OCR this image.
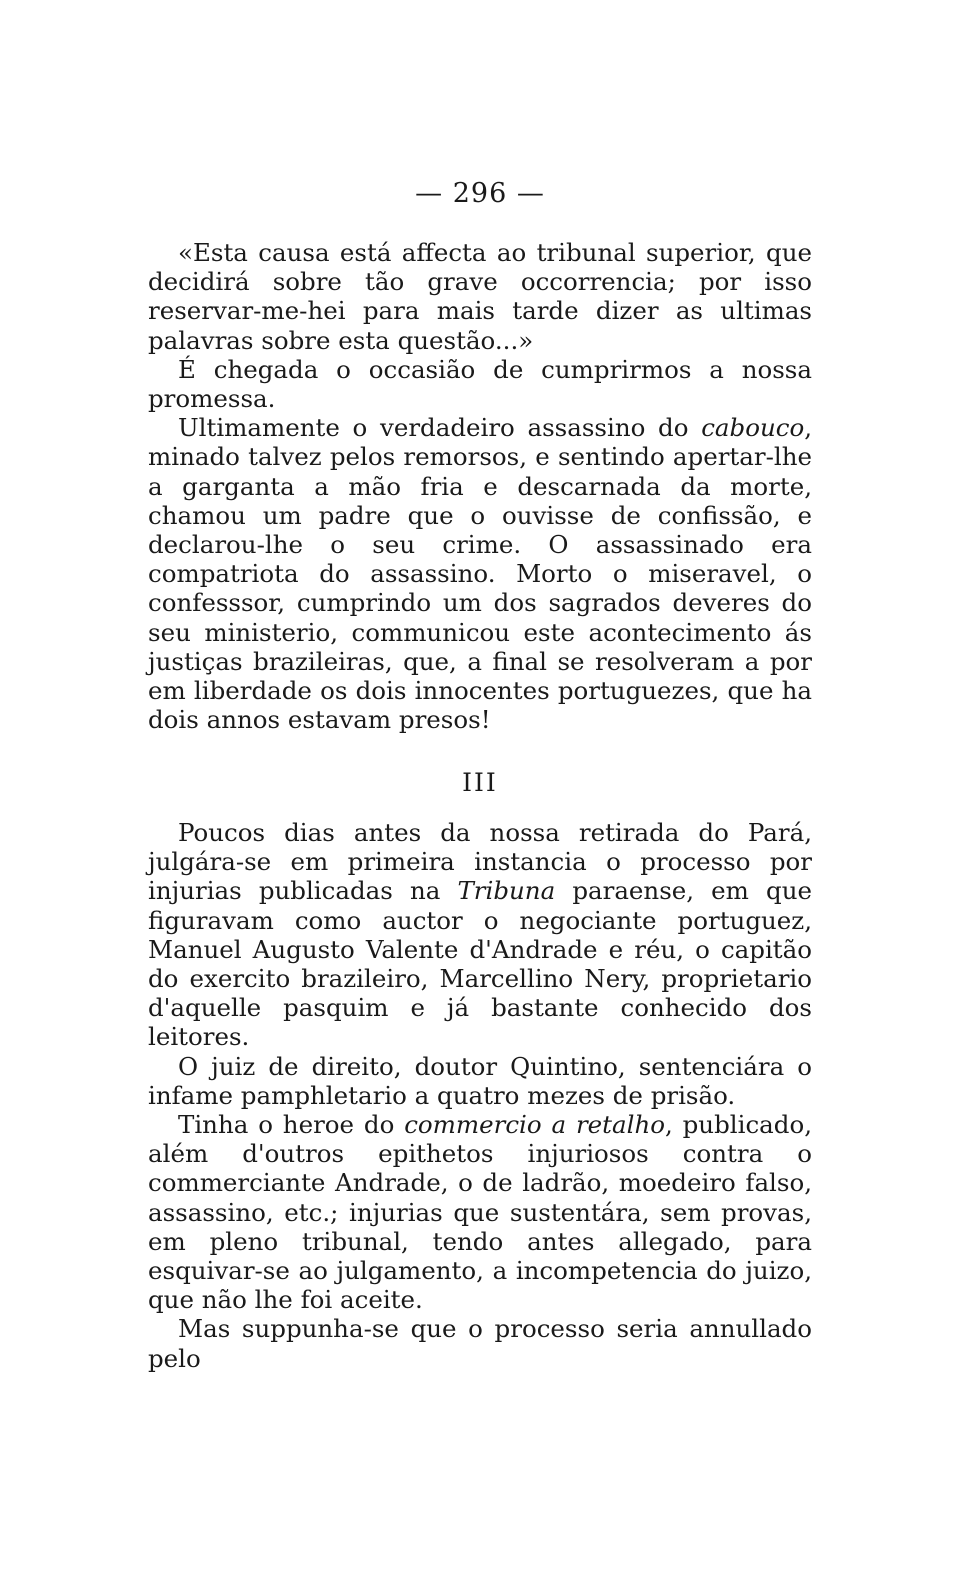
— 296 —

«Esta causa está affecta ao tribunal superior, que decidirá sobre tão grave occorrencia; por isso reservar-me-hei para mais tarde dizer as ultimas palavras sobre esta questão...»

É chegada o occasião de cumprirmos a nossa promessa.

Ultimamente o verdadeiro assassino do cabouco, minado talvez pelos remorsos, e sentindo apertar-lhe a garganta a mão fria e descarnada da morte, chamou um padre que o ouvisse de confissão, e declarou-lhe o seu crime. O assassinado era compatriota do assassino. Morto o miseravel, o confesssor, cumprindo um dos sagrados deveres do seu ministerio, communicou este acontecimento ás justiças brazileiras, que, a final se resolveram a por em liberdade os dois innocentes portuguezes, que ha dois annos estavam presos!

III

Poucos dias antes da nossa retirada do Pará, julgára-se em primeira instancia o processo por injurias publicadas na Tribuna paraense, em que figuravam como auctor o negociante portuguez, Manuel Augusto Valente d'Andrade e réu, o capitão do exercito brazileiro, Marcellino Nery, proprietario d'aquelle pasquim e já bastante conhecido dos leitores.

O juiz de direito, doutor Quintino, sentenciára o infame pamphletario a quatro mezes de prisão.

Tinha o heroe do commercio a retalho, publicado, além d'outros epithetos injuriosos contra o commerciante Andrade, o de ladrão, moedeiro falso, assassino, etc.; injurias que sustentára, sem provas, em pleno tribunal, tendo antes allegado, para esquivar-se ao julgamento, a incompetencia do juizo, que não lhe foi aceite.

Mas suppunha-se que o processo seria annullado pelo
